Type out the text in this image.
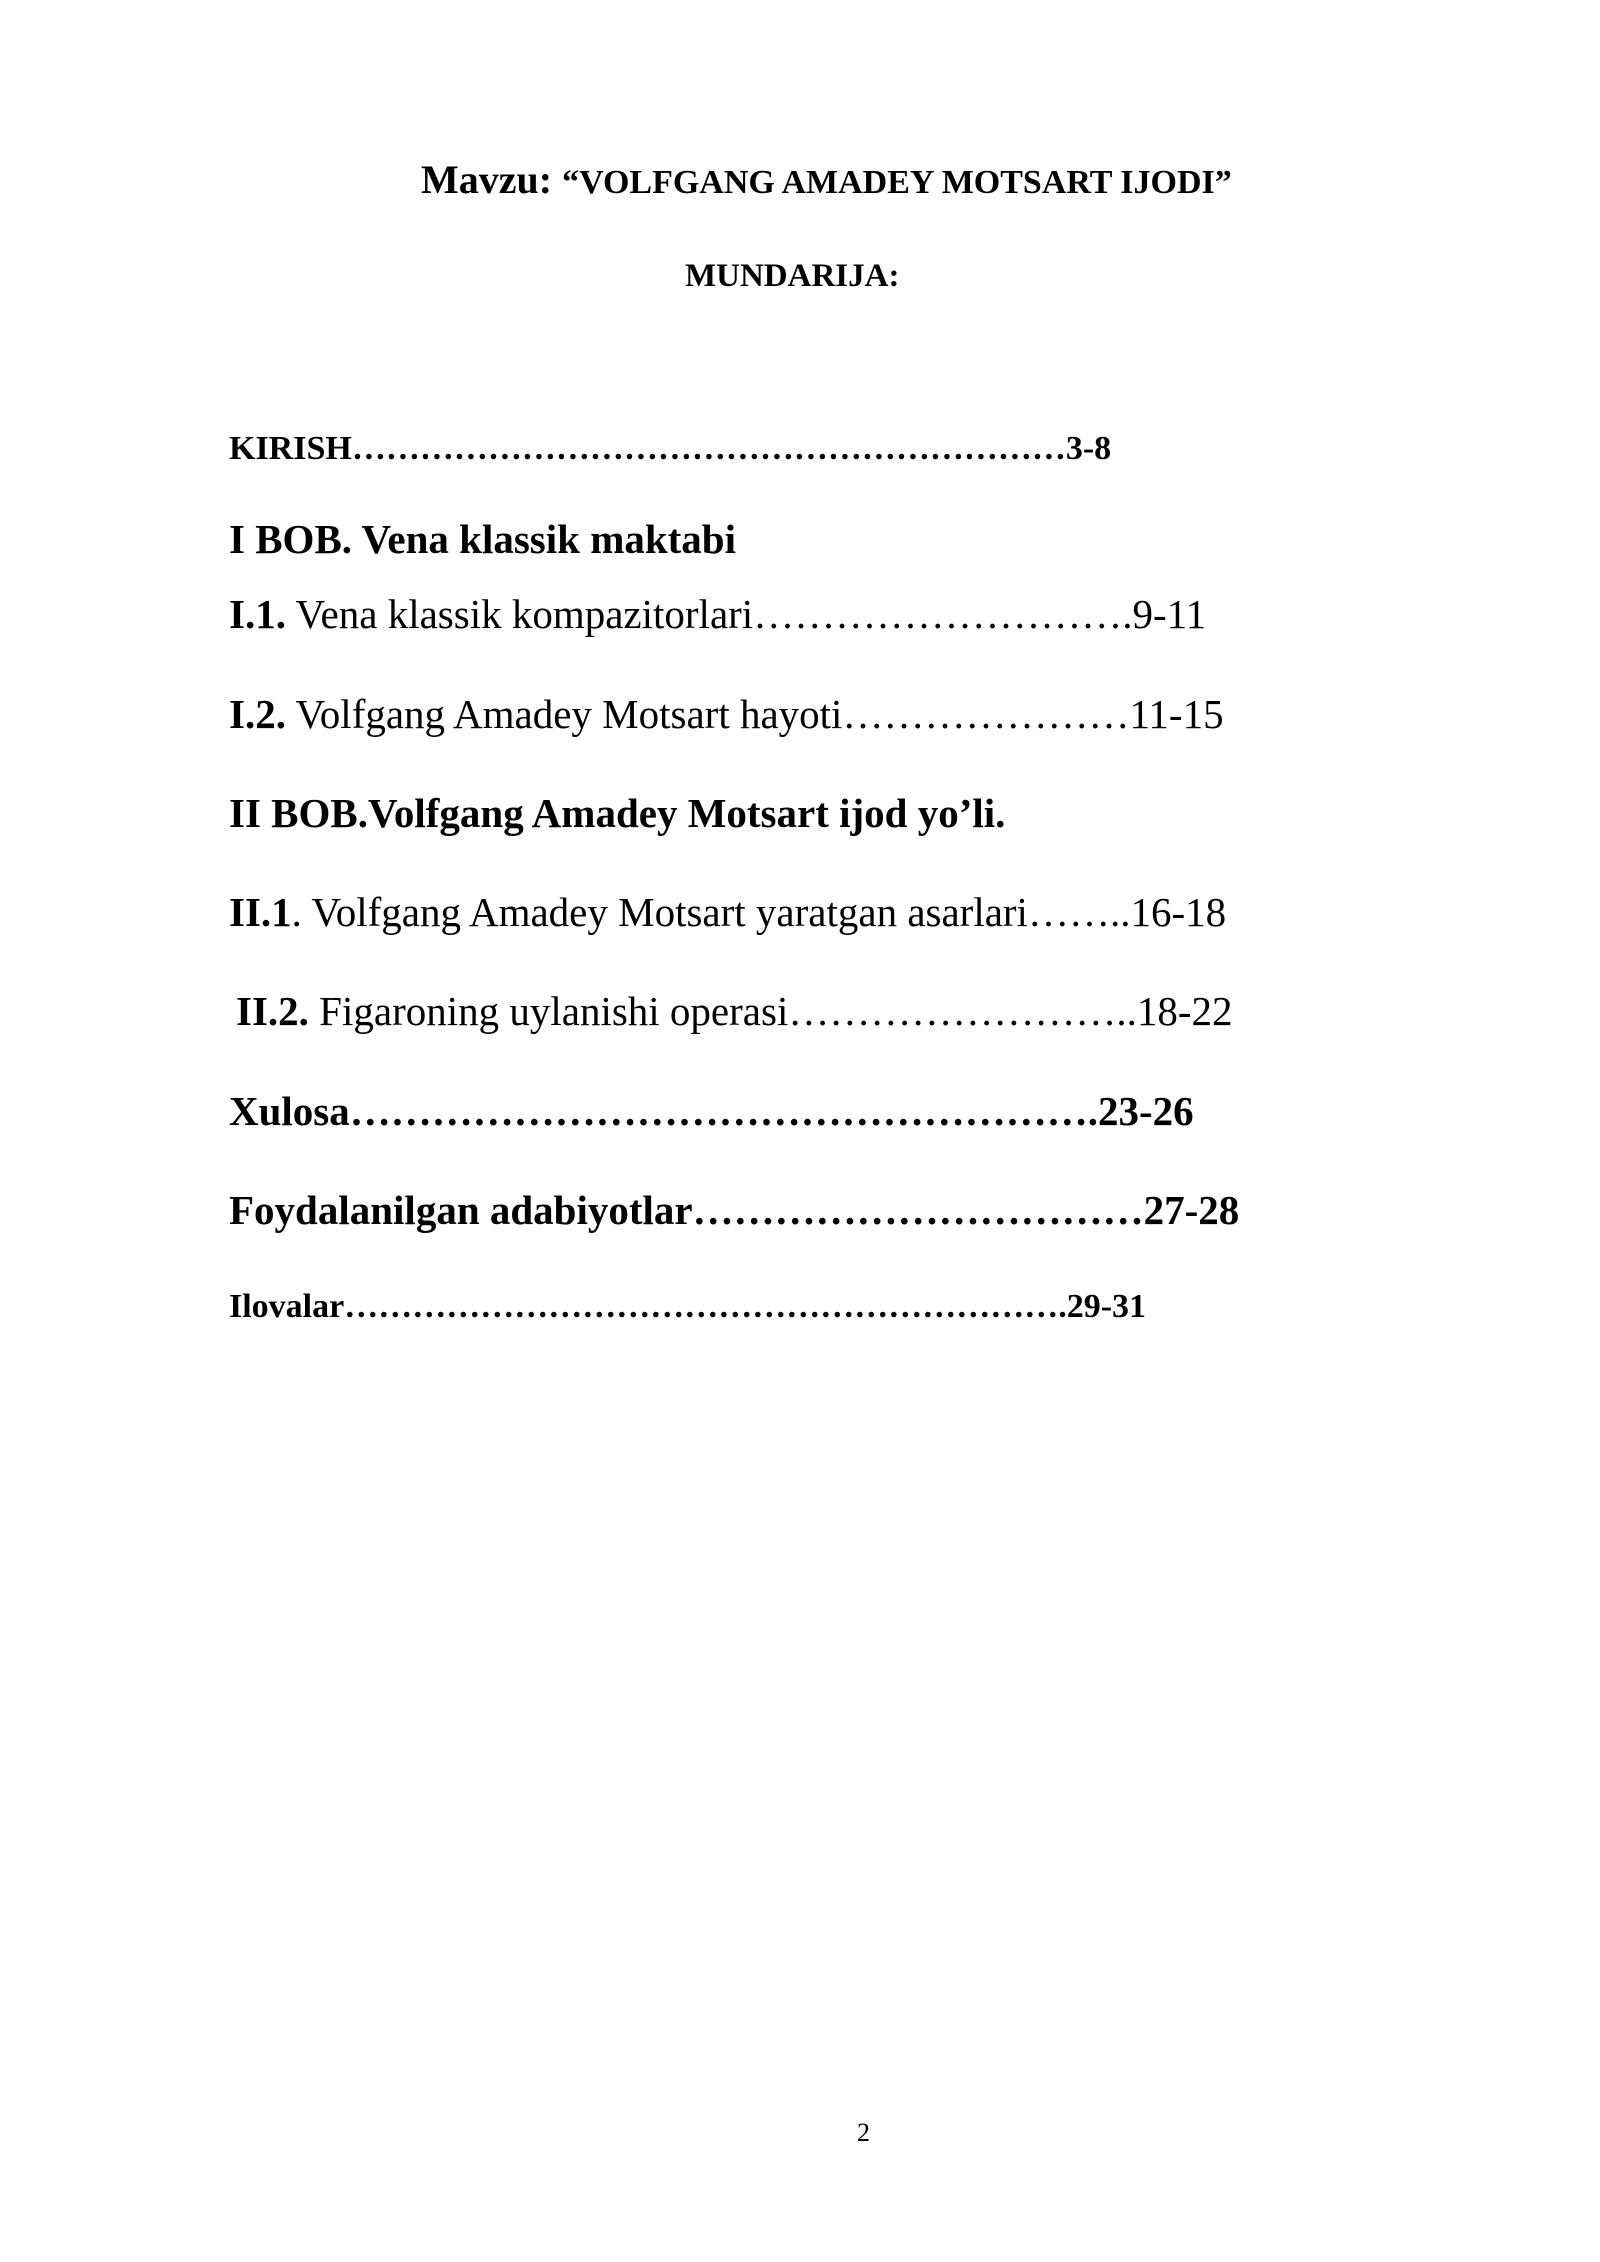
Mavzu: “VOLFGANG AMADEY MOTSART IJODI”
MUNDARIJA:
KIRISH………………………………………………………3-8
I BOB. Vena klassik maktabi
I.1. Vena klassik kompazitorlari……………………….9-11
I.2. Volfgang Amadey Motsart hayoti…………………11-15
II BOB.Volfgang Amadey Motsart ijod yo’li.
II.1. Volfgang Amadey Motsart yaratgan asarlari……..16-18
II.2. Figaroning uylanishi operasi……………………..18-22
Xulosa……………………………………………….23-26
Foydalanilgan adabiyotlar……………………………27-28
Ilovalar……………………………………………………….29-31
2
